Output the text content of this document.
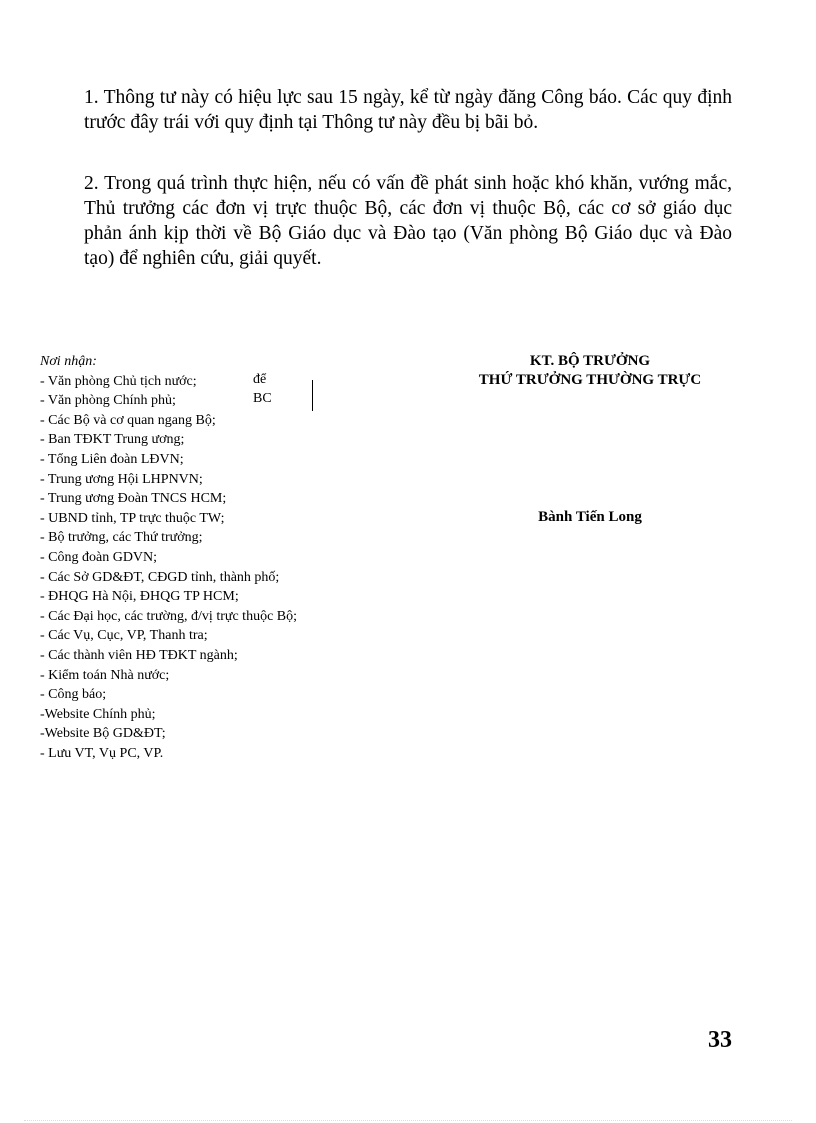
1. Thông tư này có hiệu lực sau 15 ngày, kể từ ngày đăng Công báo. Các quy định trước đây trái với quy định tại Thông tư này đều bị bãi bỏ.

2. Trong quá trình thực hiện, nếu có vấn đề phát sinh hoặc khó khăn, vướng mắc, Thủ trưởng các đơn vị trực thuộc Bộ, các đơn vị thuộc Bộ, các cơ sở giáo dục phản ánh kịp thời về Bộ Giáo dục và Đào tạo (Văn phòng Bộ Giáo dục và Đào tạo) để nghiên cứu, giải quyết.

Nơi nhận:
- Văn phòng Chủ tịch nước;
- Văn phòng Chính phủ;
- Các Bộ và cơ quan ngang Bộ;
- Ban TĐKT Trung ương;
- Tổng Liên đoàn LĐVN;
- Trung ương Hội LHPNVN;
- Trung ương Đoàn TNCS HCM;
- UBND tỉnh, TP trực thuộc TW;
- Bộ trưởng, các Thứ trưởng;
- Công đoàn GDVN;
- Các Sở GD&ĐT, CĐGD tỉnh, thành phố;
- ĐHQG Hà Nội, ĐHQG TP HCM;
- Các Đại học, các trường, đ/vị trực thuộc Bộ;
- Các Vụ, Cục, VP, Thanh tra;
- Các thành viên HĐ TĐKT ngành;
- Kiểm toán Nhà nước;
- Công báo;
-Website Chính phủ;
-Website Bộ GD&ĐT;
- Lưu VT, Vụ PC, VP.
để
BC
KT. BỘ TRƯỞNG
THỨ TRƯỞNG THƯỜNG TRỰC
Bành Tiến Long
33
